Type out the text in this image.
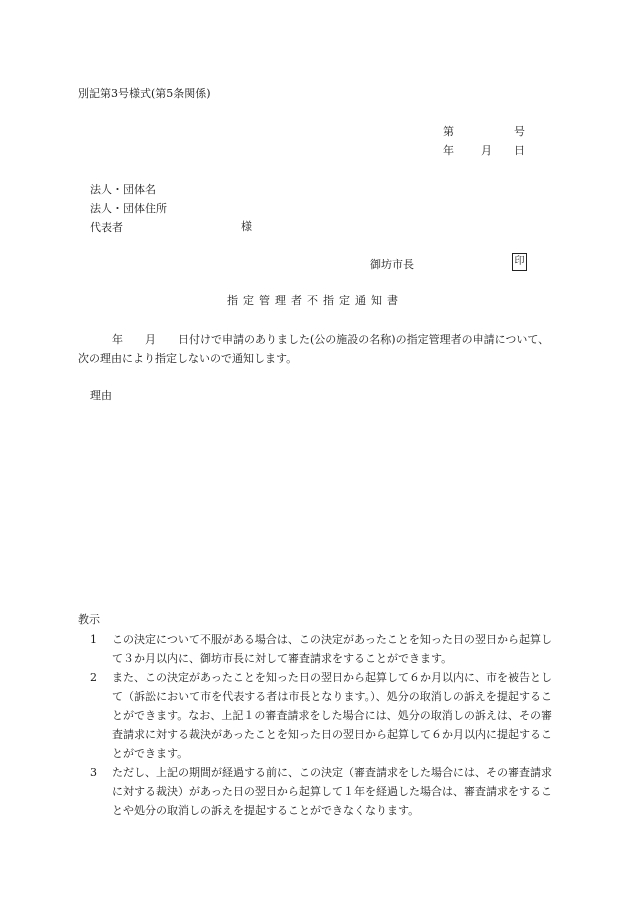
別記第3号様式(第5条関係)
第	号
年 月 日
法人・団体名
法人・団体住所
代表者	様
御坊市長	印
指定管理者不指定通知書
年 月 日付けで申請のありました(公の施設の名称)の指定管理者の申請について、次の理由により指定しないので通知します。
理由
教示
1	この決定について不服がある場合は、この決定があったことを知った日の翌日から起算して３か月以内に、御坊市長に対して審査請求をすることができます。
2	また、この決定があったことを知った日の翌日から起算して６か月以内に、市を被告として（訴訟において市を代表する者は市長となります。）、処分の取消しの訴えを提起することができます。なお、上記１の審査請求をした場合には、処分の取消しの訴えは、その審査請求に対する裁決があったことを知った日の翌日から起算して６か月以内に提起することができます。
3	ただし、上記の期間が経過する前に、この決定（審査請求をした場合には、その審査請求に対する裁決）があった日の翌日から起算して１年を経過した場合は、審査請求をすることや処分の取消しの訴えを提起することができなくなります。
